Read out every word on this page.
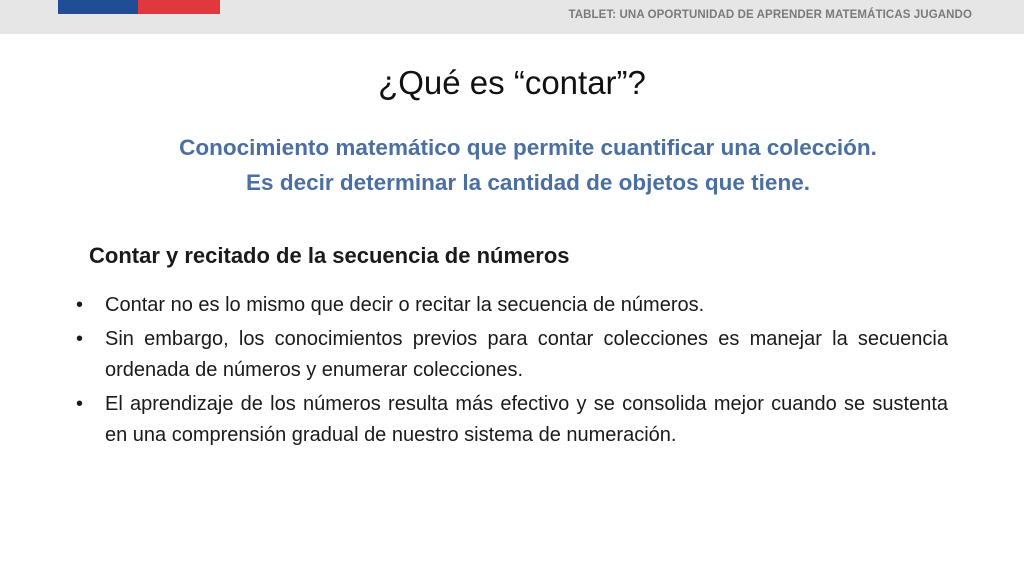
TABLET: UNA OPORTUNIDAD DE APRENDER MATEMÁTICAS JUGANDO
¿Qué es “contar”?
Conocimiento matemático que permite cuantificar una colección.
Es decir determinar la cantidad de objetos que tiene.
Contar y recitado de la secuencia de números
• Contar no es lo mismo que decir o recitar la secuencia de números.
• Sin embargo, los conocimientos previos para contar colecciones es manejar la secuencia ordenada de números y enumerar colecciones.
• El aprendizaje de los números resulta más efectivo y se consolida mejor cuando se sustenta en una comprensión gradual de nuestro sistema de numeración.
